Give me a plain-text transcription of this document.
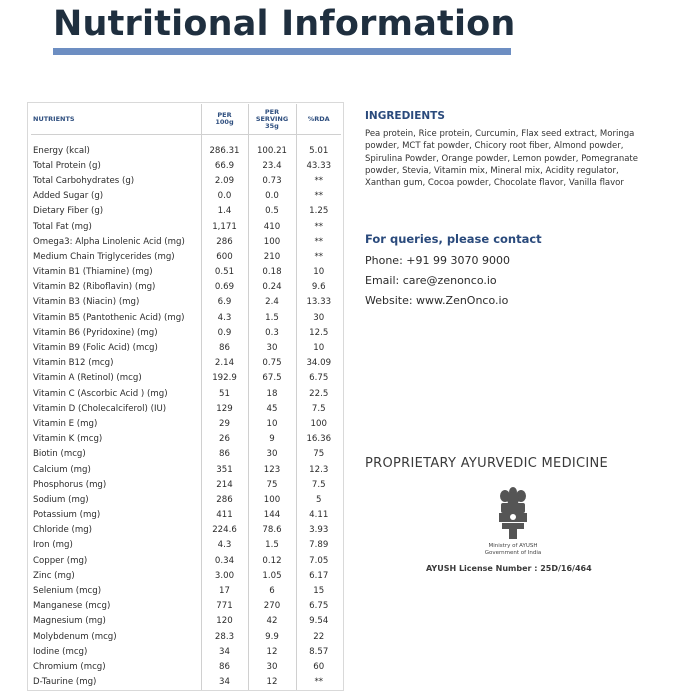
Nutritional Information
NUTRIENTS	PER 100g	PER SERVING 35g	%RDA

Energy (kcal)	286.31	100.21	5.01
Total Protein (g)	66.9	23.4	43.33
Total Carbohydrates (g)	2.09	0.73	**
Added Sugar (g)	0.0	0.0	**
Dietary Fiber (g)	1.4	0.5	1.25
Total Fat (mg)	1,171	410	**
Omega3: Alpha Linolenic Acid (mg)	286	100	**
Medium Chain Triglycerides (mg)	600	210	**
Vitamin B1 (Thiamine) (mg)	0.51	0.18	10
Vitamin B2 (Riboflavin) (mg)	0.69	0.24	9.6
Vitamin B3 (Niacin) (mg)	6.9	2.4	13.33
Vitamin B5 (Pantothenic Acid) (mg)	4.3	1.5	30
Vitamin B6 (Pyridoxine) (mg)	0.9	0.3	12.5
Vitamin B9 (Folic Acid) (mcg)	86	30	10
Vitamin B12 (mcg)	2.14	0.75	34.09
Vitamin A (Retinol) (mcg)	192.9	67.5	6.75
Vitamin C (Ascorbic Acid ) (mg)	51	18	22.5
Vitamin D (Cholecalciferol) (IU)	129	45	7.5
Vitamin E (mg)	29	10	100
Vitamin K (mcg)	26	9	16.36
Biotin (mcg)	86	30	75
Calcium (mg)	351	123	12.3
Phosphorus (mg)	214	75	7.5
Sodium (mg)	286	100	5
Potassium (mg)	411	144	4.11
Chloride (mg)	224.6	78.6	3.93
Iron (mg)	4.3	1.5	7.89
Copper (mg)	0.34	0.12	7.05
Zinc (mg)	3.00	1.05	6.17
Selenium (mcg)	17	6	15
Manganese (mcg)	771	270	6.75
Magnesium (mg)	120	42	9.54
Molybdenum (mcg)	28.3	9.9	22
Iodine (mcg)	34	12	8.57
Chromium (mcg)	86	30	60
D-Taurine (mg)	34	12	**
INGREDIENTS
Pea protein, Rice protein, Curcumin, Flax seed extract, Moringa powder, MCT fat powder, Chicory root fiber, Almond powder, Spirulina Powder, Orange powder, Lemon powder, Pomegranate powder, Stevia, Vitamin mix, Mineral mix, Acidity regulator, Xanthan gum, Cocoa powder, Chocolate flavor, Vanilla flavor
For queries, please contact
Phone: +91 99 3070 9000
Email: care@zenonco.io
Website: www.ZenOnco.io
PROPRIETARY AYURVEDIC MEDICINE
Ministry of AYUSH
Government of India
AYUSH License Number : 25D/16/464
